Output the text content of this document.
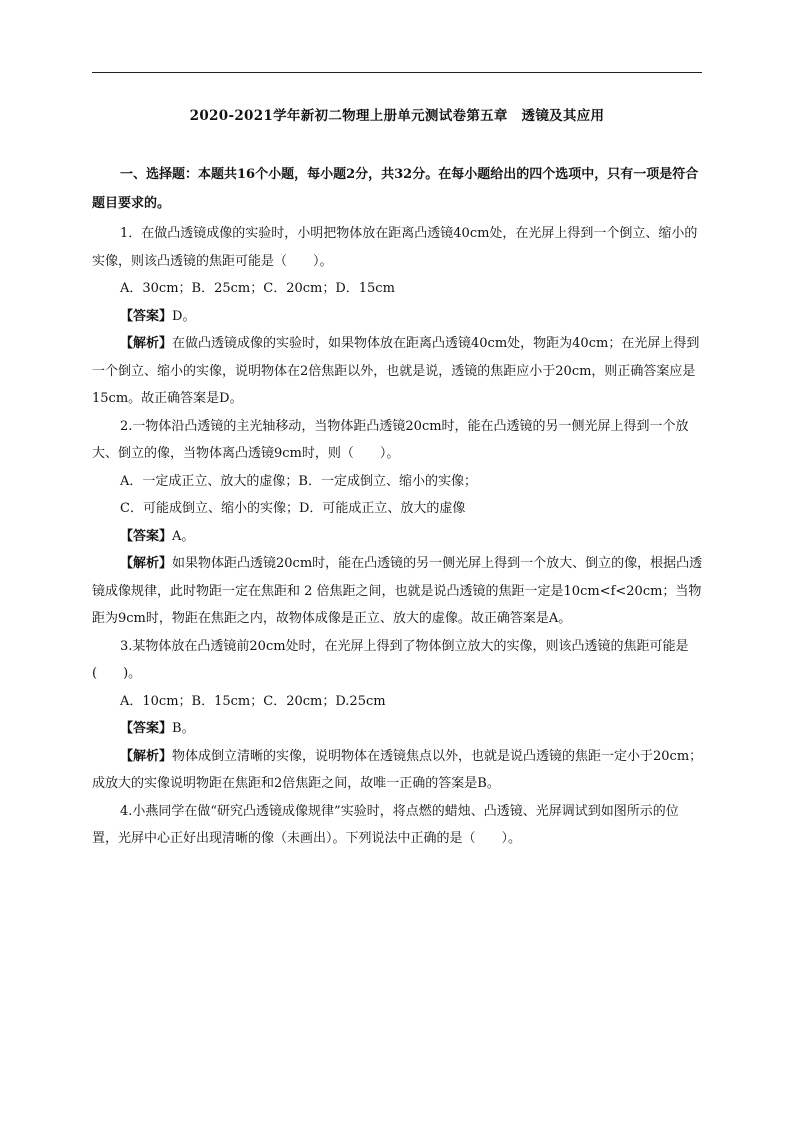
2020-2021学年新初二物理上册单元测试卷第五章　透镜及其应用

一、选择题：本题共16个小题，每小题2分，共32分。在每小题给出的四个选项中，只有一项是符合题目要求的。

1．在做凸透镜成像的实验时，小明把物体放在距离凸透镜40cm处，在光屏上得到一个倒立、缩小的实像，则该凸透镜的焦距可能是（　　）。

A．30cm；B．25cm；C．20cm；D．15cm

【答案】D。

【解析】在做凸透镜成像的实验时，如果物体放在距离凸透镜40cm处，物距为40cm；在光屏上得到一个倒立、缩小的实像，说明物体在2倍焦距以外，也就是说，透镜的焦距应小于20cm，则正确答案应是15cm。故正确答案是D。

2.一物体沿凸透镜的主光轴移动，当物体距凸透镜20cm时，能在凸透镜的另一侧光屏上得到一个放大、倒立的像，当物体离凸透镜9cm时，则（　　）。

A．一定成正立、放大的虚像；B．一定成倒立、缩小的实像；

C．可能成倒立、缩小的实像；D．可能成正立、放大的虚像

【答案】A。

【解析】如果物体距凸透镜20cm时，能在凸透镜的另一侧光屏上得到一个放大、倒立的像，根据凸透镜成像规律，此时物距一定在焦距和 2 倍焦距之间，也就是说凸透镜的焦距一定是10cm<f<20cm；当物距为9cm时，物距在焦距之内，故物体成像是正立、放大的虚像。故正确答案是A。

3.某物体放在凸透镜前20cm处时，在光屏上得到了物体倒立放大的实像，则该凸透镜的焦距可能是(　　)。

A．10cm；B．15cm；C．20cm；D.25cm

【答案】B。

【解析】物体成倒立清晰的实像，说明物体在透镜焦点以外，也就是说凸透镜的焦距一定小于20cm；成放大的实像说明物距在焦距和2倍焦距之间，故唯一正确的答案是B。

4.小燕同学在做“研究凸透镜成像规律”实验时，将点燃的蜡烛、凸透镜、光屏调试到如图所示的位置，光屏中心正好出现清晰的像（未画出）。下列说法中正确的是（　　）。
